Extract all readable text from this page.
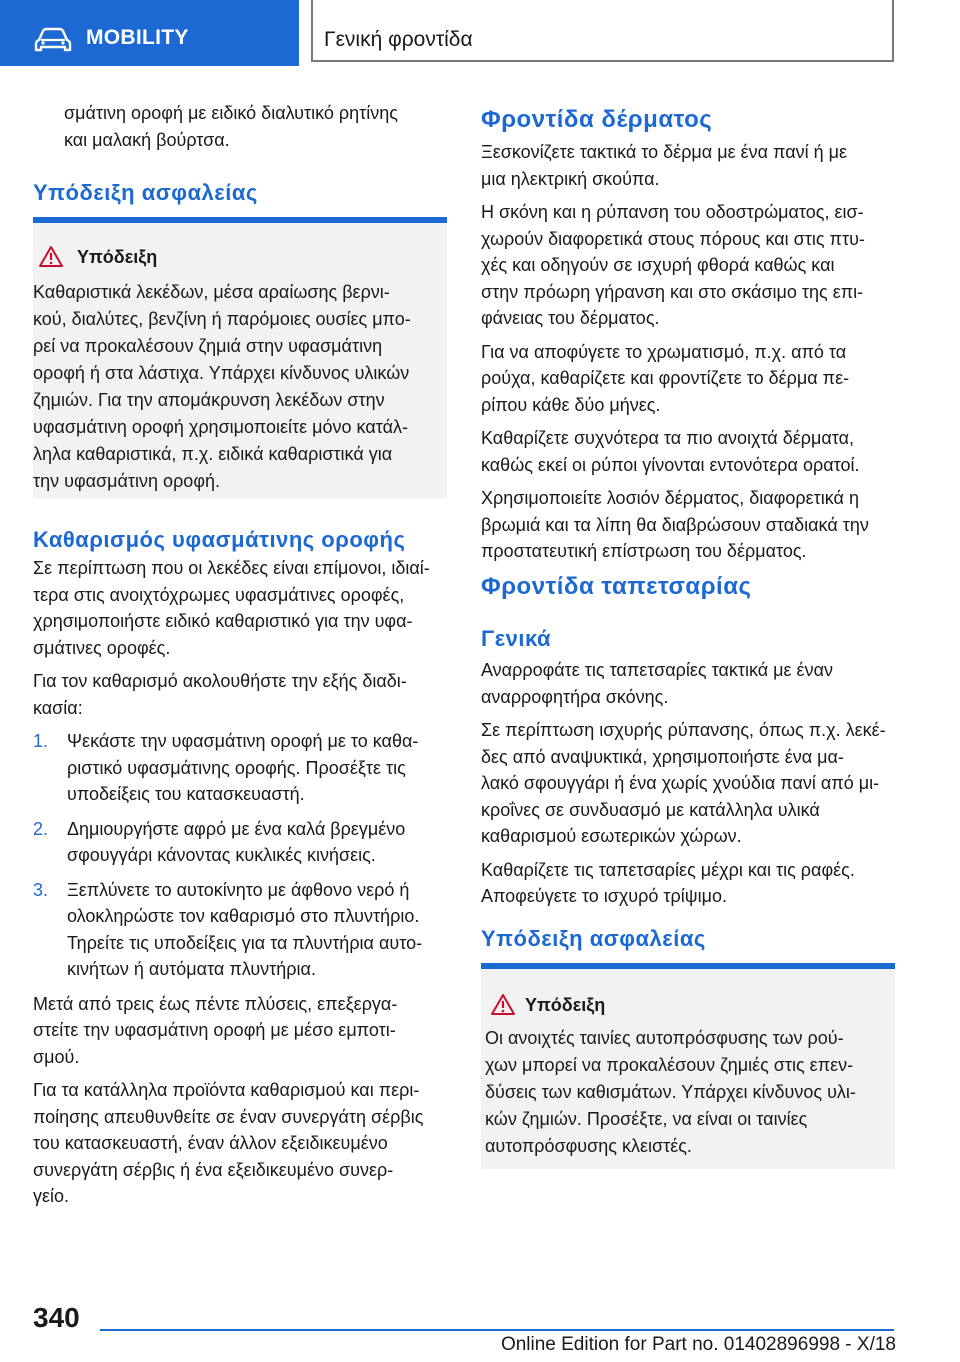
MOBILITY	Γενική φροντίδα
σμάτινη οροφή με ειδικό διαλυτικό ρητίνης
και μαλακή βούρτσα.
Υπόδειξη ασφαλείας
Υπόδειξη
Καθαριστικά λεκέδων, μέσα αραίωσης βερνι-
κού, διαλύτες, βενζίνη ή παρόμοιες ουσίες μπο-
ρεί να προκαλέσουν ζημιά στην υφασμάτινη
οροφή ή στα λάστιχα. Υπάρχει κίνδυνος υλικών
ζημιών. Για την απομάκρυνση λεκέδων στην
υφασμάτινη οροφή χρησιμοποιείτε μόνο κατάλ-
ληλα καθαριστικά, π.χ. ειδικά καθαριστικά για
την υφασμάτινη οροφή.
Καθαρισμός υφασμάτινης οροφής
Σε περίπτωση που οι λεκέδες είναι επίμονοι, ιδιαί-
τερα στις ανοιχτόχρωμες υφασμάτινες οροφές,
χρησιμοποιήστε ειδικό καθαριστικό για την υφα-
σμάτινες οροφές.
Για τον καθαρισμό ακολουθήστε την εξής διαδι-
κασία:
1. Ψεκάστε την υφασμάτινη οροφή με το καθα-
ριστικό υφασμάτινης οροφής. Προσέξτε τις
υποδείξεις του κατασκευαστή.
2. Δημιουργήστε αφρό με ένα καλά βρεγμένο
σφουγγάρι κάνοντας κυκλικές κινήσεις.
3. Ξεπλύνετε το αυτοκίνητο με άφθονο νερό ή
ολοκληρώστε τον καθαρισμό στο πλυντήριο.
Τηρείτε τις υποδείξεις για τα πλυντήρια αυτο-
κινήτων ή αυτόματα πλυντήρια.
Μετά από τρεις έως πέντε πλύσεις, επεξεργα-
στείτε την υφασμάτινη οροφή με μέσο εμποτι-
σμού.
Για τα κατάλληλα προϊόντα καθαρισμού και περι-
ποίησης απευθυνθείτε σε έναν συνεργάτη σέρβις
του κατασκευαστή, έναν άλλον εξειδικευμένο
συνεργάτη σέρβις ή ένα εξειδικευμένο συνερ-
γείο.
Φροντίδα δέρματος
Ξεσκονίζετε τακτικά το δέρμα με ένα πανί ή με
μια ηλεκτρική σκούπα.
Η σκόνη και η ρύπανση του οδοστρώματος, εισ-
χωρούν διαφορετικά στους πόρους και στις πτυ-
χές και οδηγούν σε ισχυρή φθορά καθώς και
στην πρόωρη γήρανση και στο σκάσιμο της επι-
φάνειας του δέρματος.
Για να αποφύγετε το χρωματισμό, π.χ. από τα
ρούχα, καθαρίζετε και φροντίζετε το δέρμα πε-
ρίπου κάθε δύο μήνες.
Καθαρίζετε συχνότερα τα πιο ανοιχτά δέρματα,
καθώς εκεί οι ρύποι γίνονται εντονότερα ορατοί.
Χρησιμοποιείτε λοσιόν δέρματος, διαφορετικά η
βρωμιά και τα λίπη θα διαβρώσουν σταδιακά την
προστατευτική επίστρωση του δέρματος.
Φροντίδα ταπετσαρίας
Γενικά
Αναρροφάτε τις ταπετσαρίες τακτικά με έναν
αναρροφητήρα σκόνης.
Σε περίπτωση ισχυρής ρύπανσης, όπως π.χ. λεκέ-
δες από αναψυκτικά, χρησιμοποιήστε ένα μα-
λακό σφουγγάρι ή ένα χωρίς χνούδια πανί από μι-
κροΐνες σε συνδυασμό με κατάλληλα υλικά
καθαρισμού εσωτερικών χώρων.
Καθαρίζετε τις ταπετσαρίες μέχρι και τις ραφές.
Αποφεύγετε το ισχυρό τρίψιμο.
Υπόδειξη ασφαλείας
Υπόδειξη
Οι ανοιχτές ταινίες αυτοπρόσφυσης των ρού-
χων μπορεί να προκαλέσουν ζημιές στις επεν-
δύσεις των καθισμάτων. Υπάρχει κίνδυνος υλι-
κών ζημιών. Προσέξτε, να είναι οι ταινίες
αυτοπρόσφυσης κλειστές.
340
Online Edition for Part no. 01402896998 - X/18
